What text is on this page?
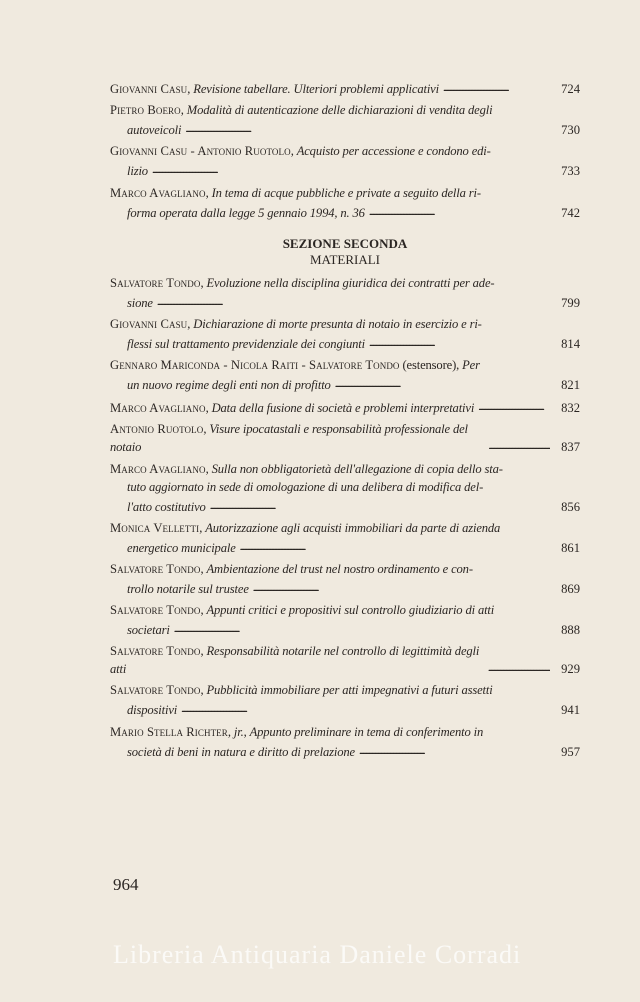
Giovanni Casu, Revisione tabellare. Ulteriori problemi applicativi . . .	724
Pietro Boero, Modalità di autenticazione delle dichiarazioni di vendita degli
autoveicoli . . .	730
Giovanni Casu - Antonio Ruotolo, Acquisto per accessione e condono edi-
lizio . . .	733
Marco Avagliano, In tema di acque pubbliche e private a seguito della ri-
forma operata dalla legge 5 gennaio 1994, n. 36 . . .	742
SEZIONE SECONDA
MATERIALI
Salvatore Tondo, Evoluzione nella disciplina giuridica dei contratti per ade-
sione . . .	799
Giovanni Casu, Dichiarazione di morte presunta di notaio in esercizio e ri-
flessi sul trattamento previdenziale dei congiunti . . .	814
Gennaro Mariconda - Nicola Raiti - Salvatore Tondo (estensore), Per
un nuovo regime degli enti non di profitto . . .	821
Marco Avagliano, Data della fusione di società e problemi interpretativi . . .	832
Antonio Ruotolo, Visure ipocatastali e responsabilità professionale del notaio . . .	837
Marco Avagliano, Sulla non obbligatorietà dell'allegazione di copia dello sta-
tuto aggiornato in sede di omologazione di una delibera di modifica del-
l'atto costitutivo . . .	856
Monica Velletti, Autorizzazione agli acquisti immobiliari da parte di azienda
energetico municipale . . .	861
Salvatore Tondo, Ambientazione del trust nel nostro ordinamento e con-
trollo notarile sul trustee . . .	869
Salvatore Tondo, Appunti critici e propositivi sul controllo giudiziario di atti
societari . . .	888
Salvatore Tondo, Responsabilità notarile nel controllo di legittimità degli atti . . .	929
Salvatore Tondo, Pubblicità immobiliare per atti impegnativi a futuri assetti
dispositivi . . .	941
Mario Stella Richter, jr., Appunto preliminare in tema di conferimento in
società di beni in natura e diritto di prelazione . . .	957
964
Libreria Antiquaria Daniele Corradi
